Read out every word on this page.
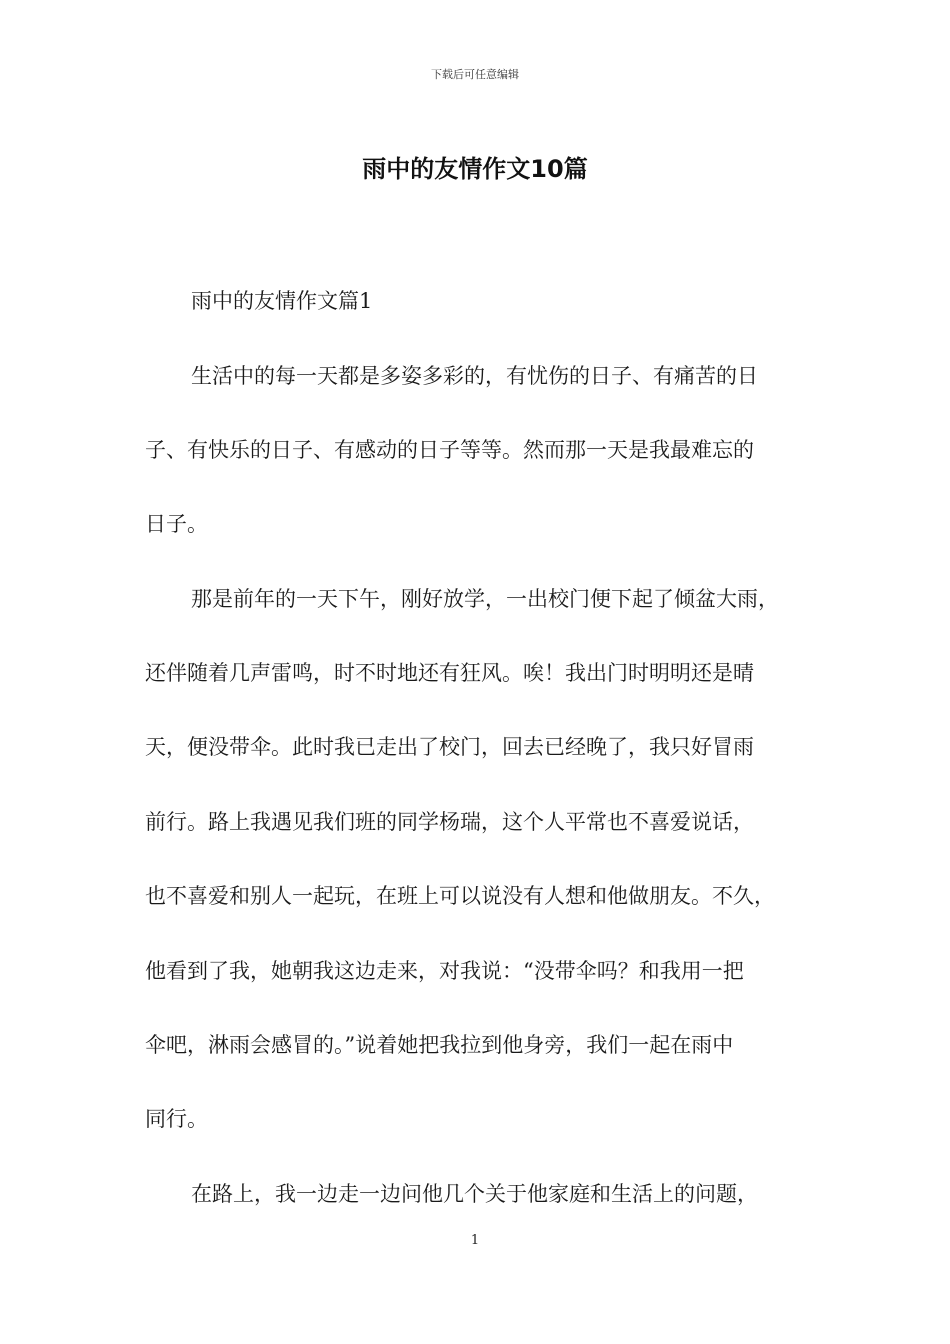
下载后可任意编辑
雨中的友情作文10篇
雨中的友情作文篇1
生活中的每一天都是多姿多彩的，有忧伤的日子、有痛苦的日
子、有快乐的日子、有感动的日子等等。然而那一天是我最难忘的
日子。
那是前年的一天下午，刚好放学，一出校门便下起了倾盆大雨，
还伴随着几声雷鸣，时不时地还有狂风。唉！我出门时明明还是晴
天，便没带伞。此时我已走出了校门，回去已经晚了，我只好冒雨
前行。路上我遇见我们班的同学杨瑞，这个人平常也不喜爱说话，
也不喜爱和别人一起玩，在班上可以说没有人想和他做朋友。不久，
他看到了我，她朝我这边走来，对我说：“没带伞吗？和我用一把
伞吧，淋雨会感冒的。”说着她把我拉到他身旁，我们一起在雨中
同行。
在路上，我一边走一边问他几个关于他家庭和生活上的问题，
1
